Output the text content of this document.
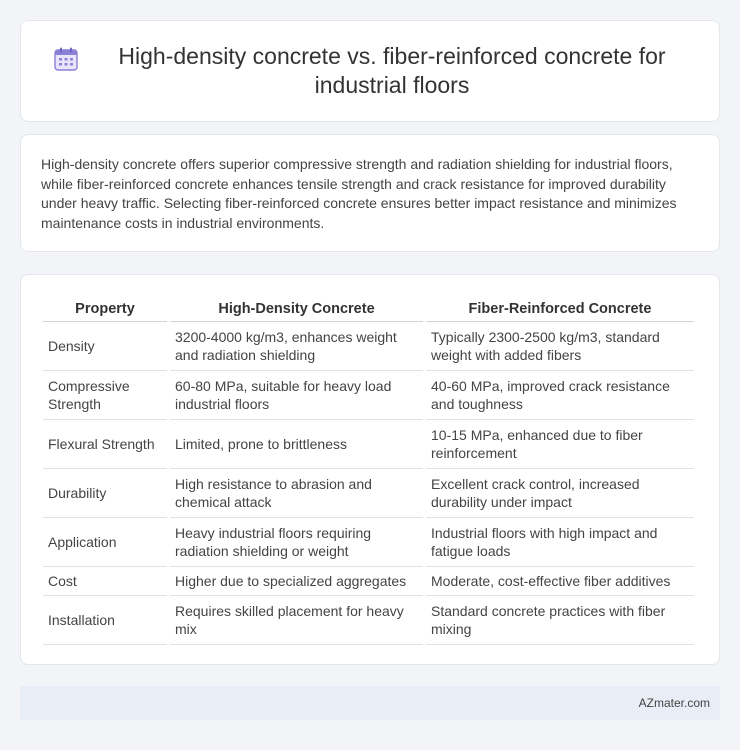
High-density concrete vs. fiber-reinforced concrete for industrial floors

High-density concrete offers superior compressive strength and radiation shielding for industrial floors, while fiber-reinforced concrete enhances tensile strength and crack resistance for improved durability under heavy traffic. Selecting fiber-reinforced concrete ensures better impact resistance and minimizes maintenance costs in industrial environments.

Property	High-Density Concrete	Fiber-Reinforced Concrete
Density	3200-4000 kg/m3, enhances weight and radiation shielding	Typically 2300-2500 kg/m3, standard weight with added fibers
Compressive Strength	60-80 MPa, suitable for heavy load industrial floors	40-60 MPa, improved crack resistance and toughness
Flexural Strength	Limited, prone to brittleness	10-15 MPa, enhanced due to fiber reinforcement
Durability	High resistance to abrasion and chemical attack	Excellent crack control, increased durability under impact
Application	Heavy industrial floors requiring radiation shielding or weight	Industrial floors with high impact and fatigue loads
Cost	Higher due to specialized aggregates	Moderate, cost-effective fiber additives
Installation	Requires skilled placement for heavy mix	Standard concrete practices with fiber mixing
AZmater.com
